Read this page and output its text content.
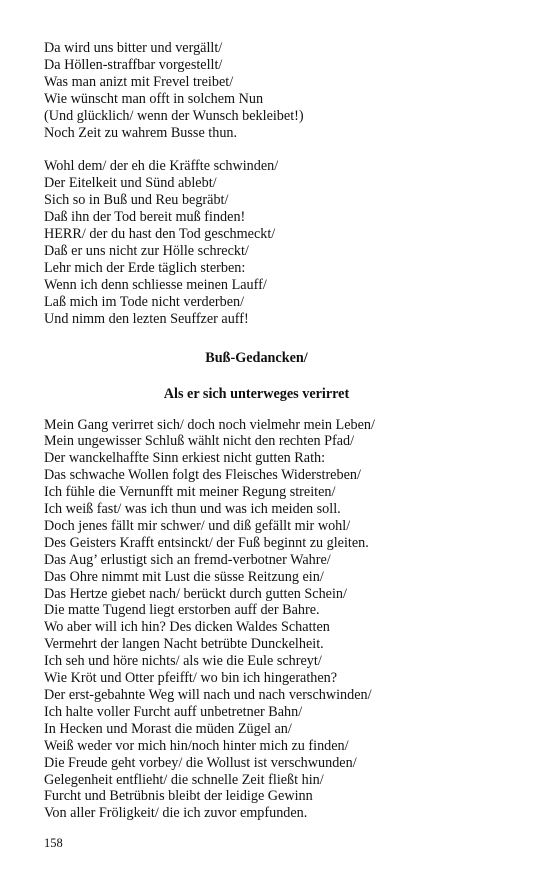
Da wird uns bitter und vergällt/
Da Höllen-straffbar vorgestellt/
Was man anizt mit Frevel treibet/
Wie wünscht man offt in solchem Nun
(Und glücklich/ wenn der Wunsch bekleibet!)
Noch Zeit zu wahrem Busse thun.
Wohl dem/ der eh die Kräffte schwinden/
Der Eitelkeit und Sünd ablebt/
Sich so in Buß und Reu begräbt/
Daß ihn der Tod bereit muß finden!
HERR/ der du hast den Tod geschmeckt/
Daß er uns nicht zur Hölle schreckt/
Lehr mich der Erde täglich sterben:
Wenn ich denn schliesse meinen Lauff/
Laß mich im Tode nicht verderben/
Und nimm den lezten Seuffzer auff!
Buß-Gedancken/
Als er sich unterweges verirret
Mein Gang verirret sich/ doch noch vielmehr mein Leben/
Mein ungewisser Schluß wählt nicht den rechten Pfad/
Der wanckelhaffte Sinn erkiest nicht gutten Rath:
Das schwache Wollen folgt des Fleisches Widerstreben/
Ich fühle die Vernunfft mit meiner Regung streiten/
Ich weiß fast/ was ich thun und was ich meiden soll.
Doch jenes fällt mir schwer/ und diß gefällt mir wohl/
Des Geisters Krafft entsinckt/ der Fuß beginnt zu gleiten.
Das Aug’ erlustigt sich an fremd-verbotner Wahre/
Das Ohre nimmt mit Lust die süsse Reitzung ein/
Das Hertze giebet nach/ berückt durch gutten Schein/
Die matte Tugend liegt erstorben auff der Bahre.
Wo aber will ich hin? Des dicken Waldes Schatten
Vermehrt der langen Nacht betrübte Dunckelheit.
Ich seh und höre nichts/ als wie die Eule schreyt/
Wie Kröt und Otter pfeifft/ wo bin ich hingerathen?
Der erst-gebahnte Weg will nach und nach verschwinden/
Ich halte voller Furcht auff unbetretner Bahn/
In Hecken und Morast die müden Zügel an/
Weiß weder vor mich hin/noch hinter mich zu finden/
Die Freude geht vorbey/ die Wollust ist verschwunden/
Gelegenheit entflieht/ die schnelle Zeit fließt hin/
Furcht und Betrübnis bleibt der leidige Gewinn
Von aller Fröligkeit/ die ich zuvor empfunden.
158
